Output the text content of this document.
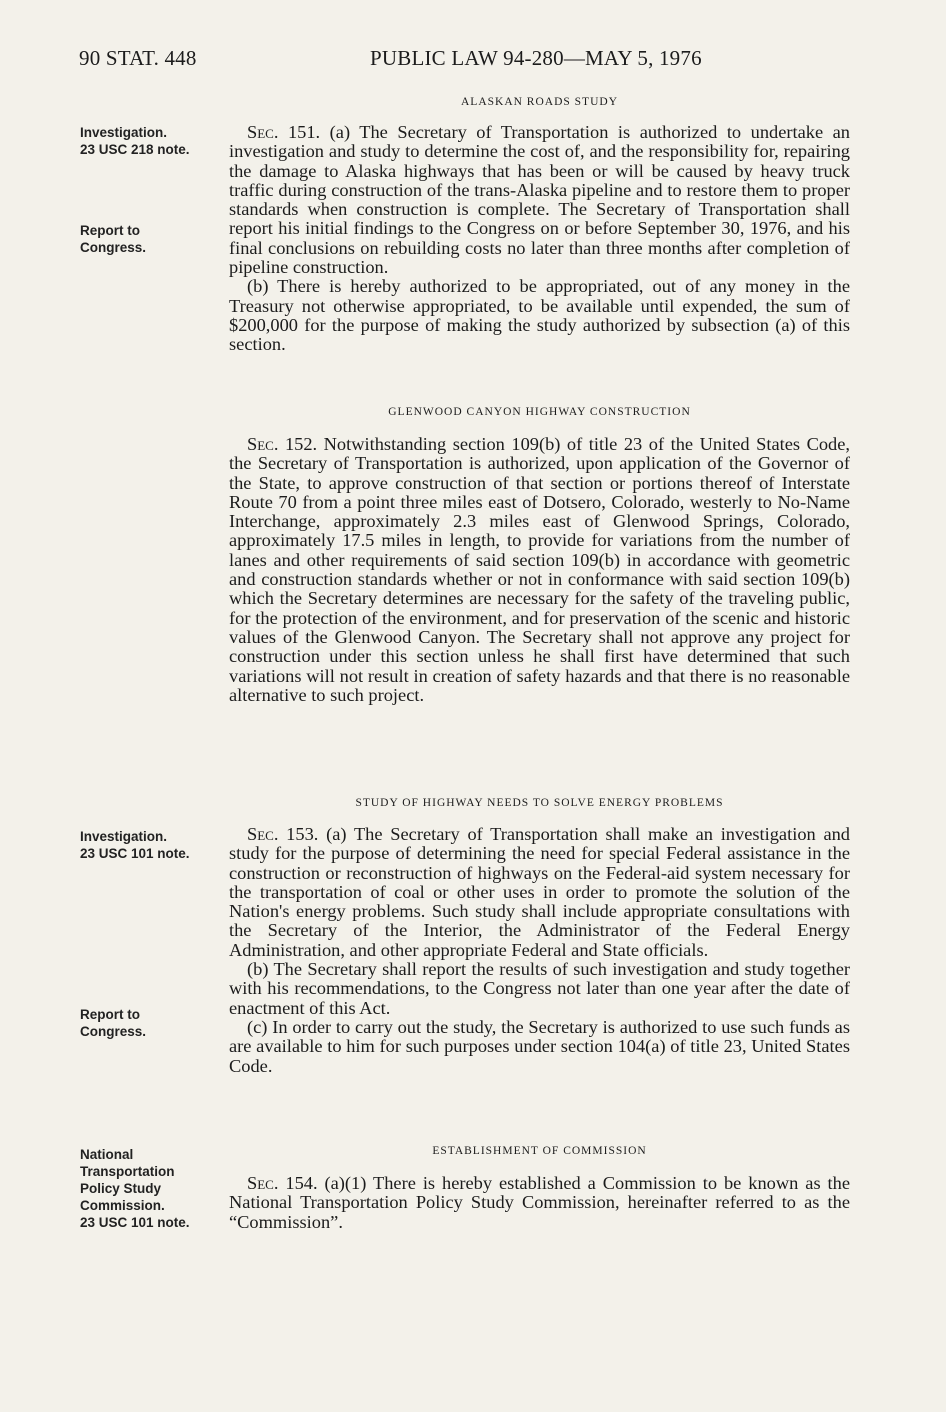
90 STAT. 448	PUBLIC LAW 94-280—MAY 5, 1976
Investigation.
23 USC 218 note.
Report to
Congress.
Investigation.
23 USC 101 note.
Report to
Congress.
National
Transportation
Policy Study
Commission.
23 USC 101 note.
ALASKAN ROADS STUDY

Sec. 151. (a) The Secretary of Transportation is authorized to undertake an investigation and study to determine the cost of, and the responsibility for, repairing the damage to Alaska highways that has been or will be caused by heavy truck traffic during construction of the trans-Alaska pipeline and to restore them to proper standards when construction is complete. The Secretary of Transportation shall report his initial findings to the Congress on or before September 30, 1976, and his final conclusions on rebuilding costs no later than three months after completion of pipeline construction.

(b) There is hereby authorized to be appropriated, out of any money in the Treasury not otherwise appropriated, to be available until expended, the sum of $200,000 for the purpose of making the study authorized by subsection (a) of this section.

GLENWOOD CANYON HIGHWAY CONSTRUCTION

Sec. 152. Notwithstanding section 109(b) of title 23 of the United States Code, the Secretary of Transportation is authorized, upon application of the Governor of the State, to approve construction of that section or portions thereof of Interstate Route 70 from a point three miles east of Dotsero, Colorado, westerly to No-Name Interchange, approximately 2.3 miles east of Glenwood Springs, Colorado, approximately 17.5 miles in length, to provide for variations from the number of lanes and other requirements of said section 109(b) in accordance with geometric and construction standards whether or not in conformance with said section 109(b) which the Secretary determines are necessary for the safety of the traveling public, for the protection of the environment, and for preservation of the scenic and historic values of the Glenwood Canyon. The Secretary shall not approve any project for construction under this section unless he shall first have determined that such variations will not result in creation of safety hazards and that there is no reasonable alternative to such project.

STUDY OF HIGHWAY NEEDS TO SOLVE ENERGY PROBLEMS

Sec. 153. (a) The Secretary of Transportation shall make an investigation and study for the purpose of determining the need for special Federal assistance in the construction or reconstruction of highways on the Federal-aid system necessary for the transportation of coal or other uses in order to promote the solution of the Nation's energy problems. Such study shall include appropriate consultations with the Secretary of the Interior, the Administrator of the Federal Energy Administration, and other appropriate Federal and State officials.

(b) The Secretary shall report the results of such investigation and study together with his recommendations, to the Congress not later than one year after the date of enactment of this Act.

(c) In order to carry out the study, the Secretary is authorized to use such funds as are available to him for such purposes under section 104(a) of title 23, United States Code.

ESTABLISHMENT OF COMMISSION

Sec. 154. (a)(1) There is hereby established a Commission to be known as the National Transportation Policy Study Commission, hereinafter referred to as the “Commission”.
